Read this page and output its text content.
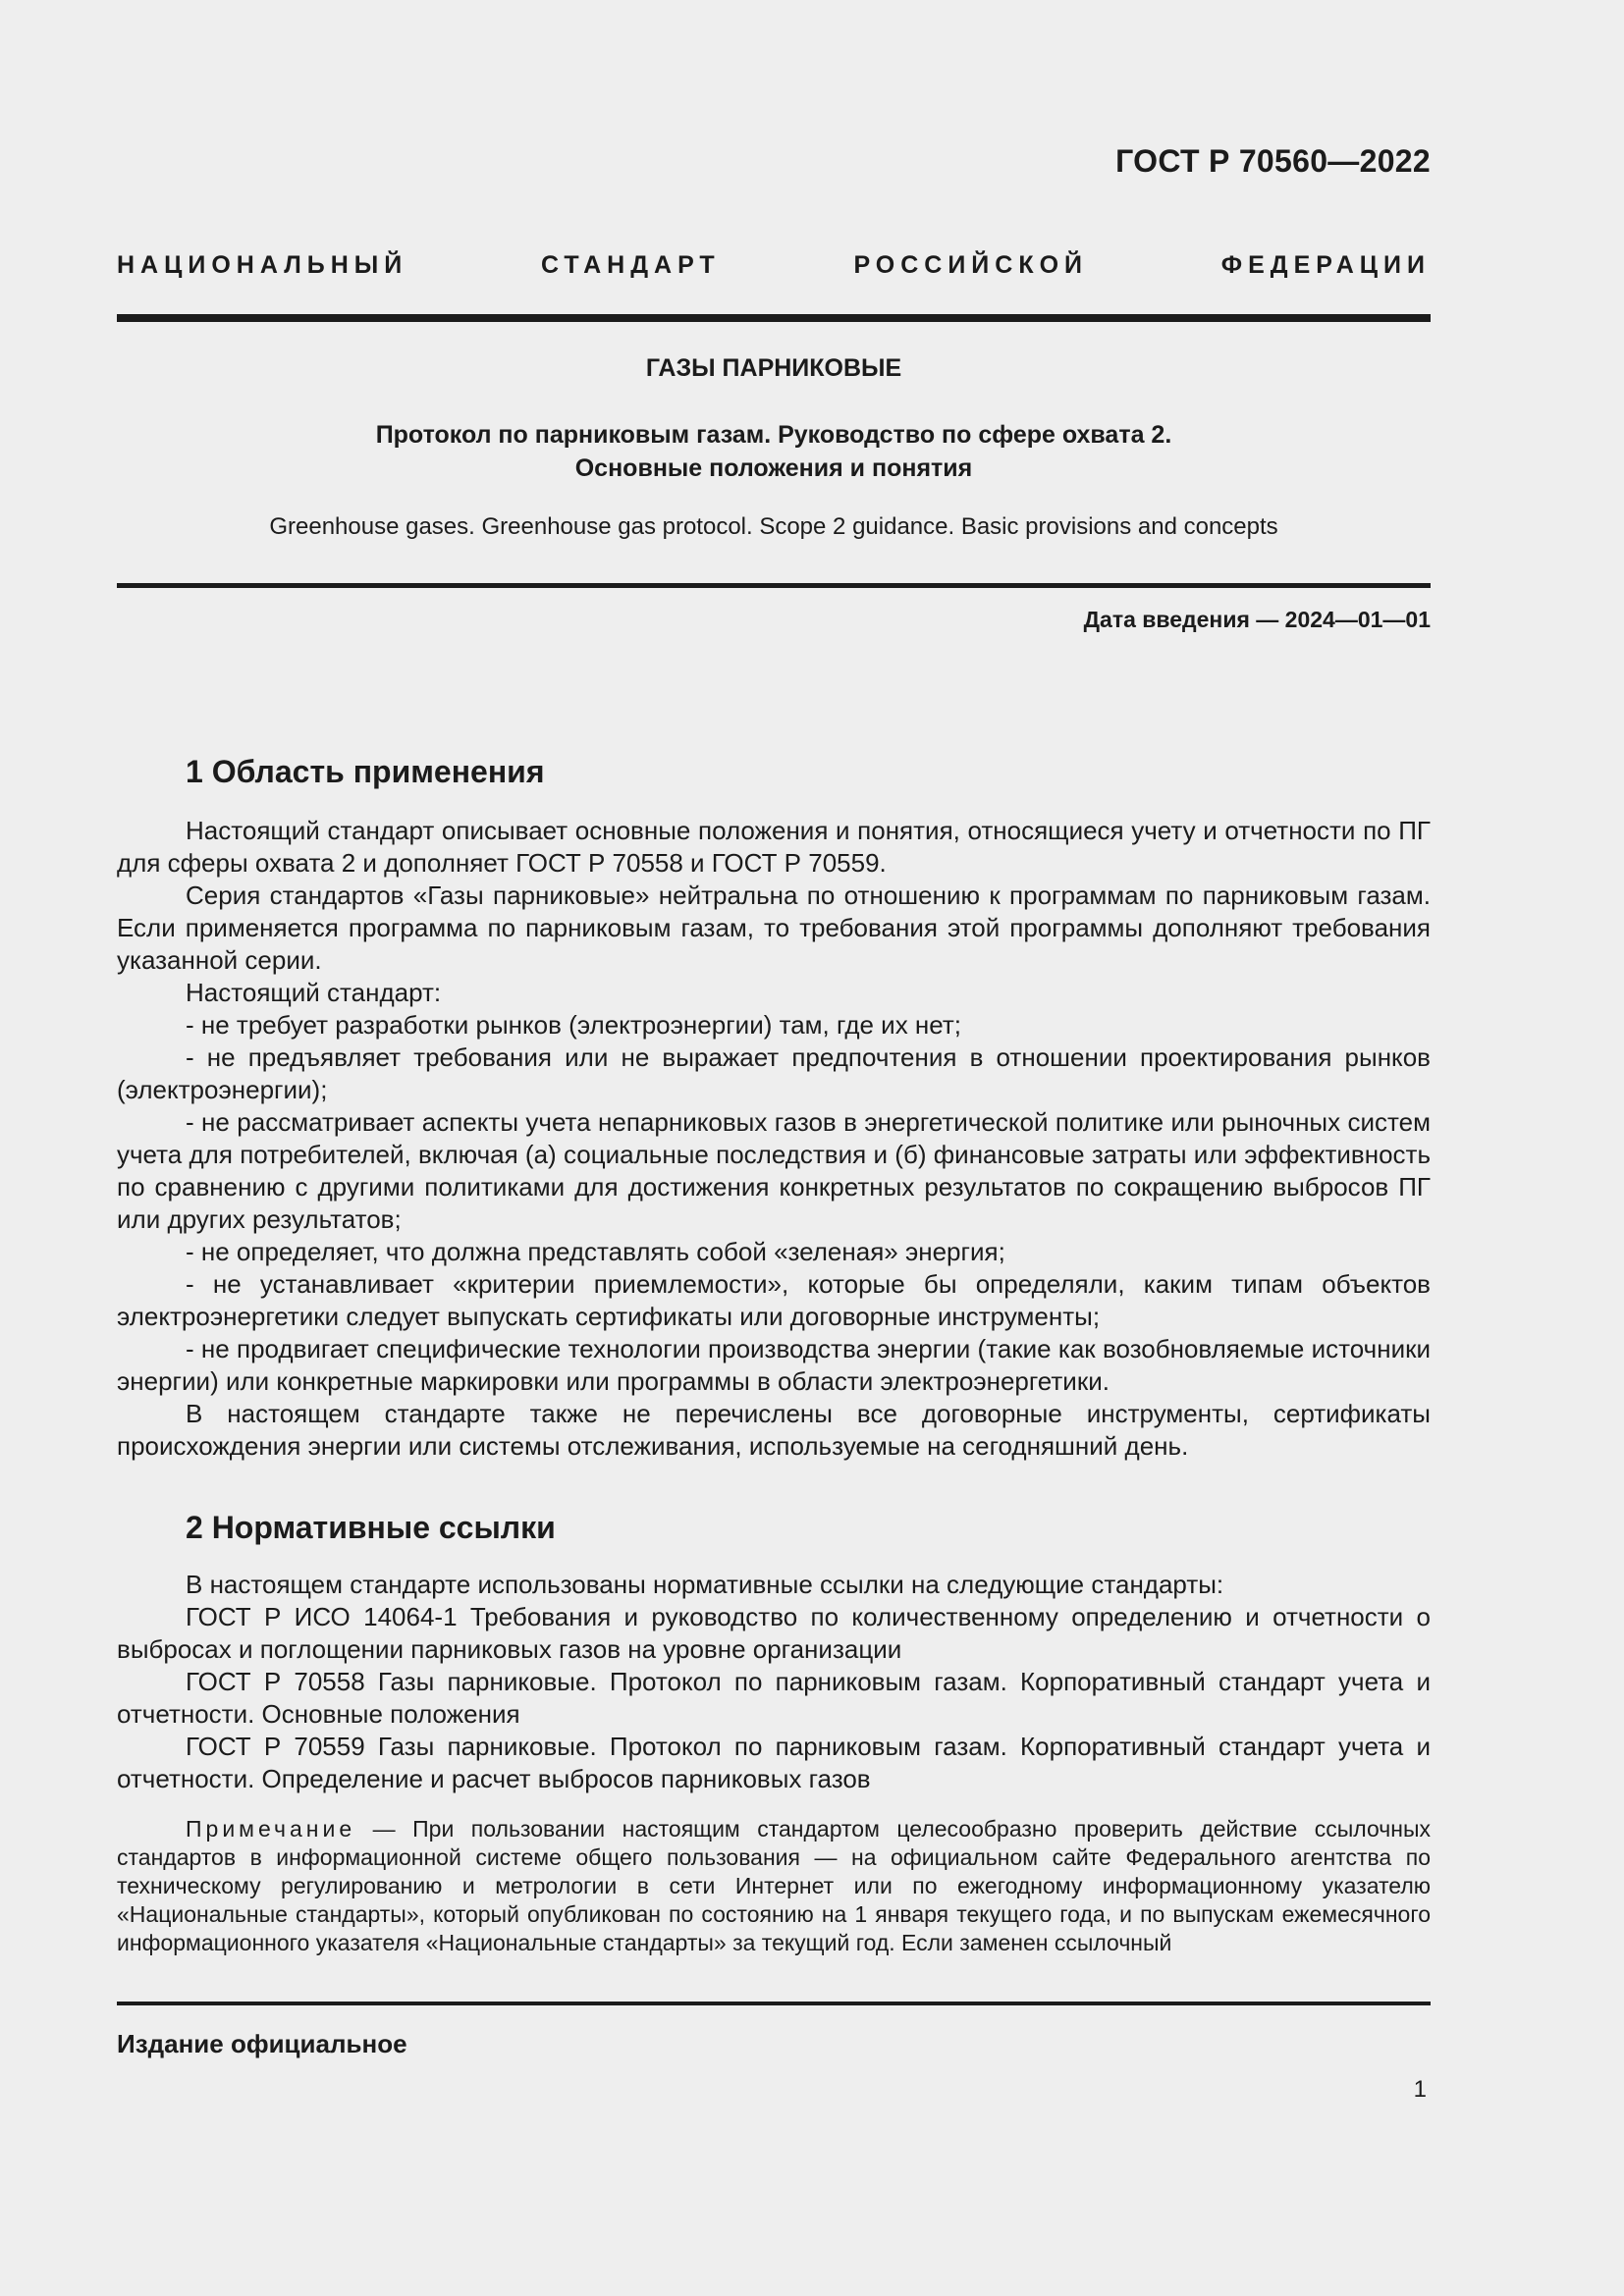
ГОСТ Р 70560—2022
НАЦИОНАЛЬНЫЙ СТАНДАРТ РОССИЙСКОЙ ФЕДЕРАЦИИ
ГАЗЫ ПАРНИКОВЫЕ
Протокол по парниковым газам. Руководство по сфере охвата 2.
Основные положения и понятия
Greenhouse gases. Greenhouse gas protocol. Scope 2 guidance. Basic provisions and concepts
Дата введения — 2024—01—01
1 Область применения

Настоящий стандарт описывает основные положения и понятия, относящиеся учету и отчетности по ПГ для сферы охвата 2 и дополняет ГОСТ Р 70558 и ГОСТ Р 70559.

Серия стандартов «Газы парниковые» нейтральна по отношению к программам по парниковым газам. Если применяется программа по парниковым газам, то требования этой программы дополняют требования указанной серии.

Настоящий стандарт:

- не требует разработки рынков (электроэнергии) там, где их нет;

- не предъявляет требования или не выражает предпочтения в отношении проектирования рынков (электроэнергии);

- не рассматривает аспекты учета непарниковых газов в энергетической политике или рыночных систем учета для потребителей, включая (а) социальные последствия и (б) финансовые затраты или эффективность по сравнению с другими политиками для достижения конкретных результатов по сокращению выбросов ПГ или других результатов;

- не определяет, что должна представлять собой «зеленая» энергия;

- не устанавливает «критерии приемлемости», которые бы определяли, каким типам объектов электроэнергетики следует выпускать сертификаты или договорные инструменты;

- не продвигает специфические технологии производства энергии (такие как возобновляемые источники энергии) или конкретные маркировки или программы в области электроэнергетики.

В настоящем стандарте также не перечислены все договорные инструменты, сертификаты происхождения энергии или системы отслеживания, используемые на сегодняшний день.

2 Нормативные ссылки

В настоящем стандарте использованы нормативные ссылки на следующие стандарты:

ГОСТ Р ИСО 14064-1 Требования и руководство по количественному определению и отчетности о выбросах и поглощении парниковых газов на уровне организации

ГОСТ Р 70558 Газы парниковые. Протокол по парниковым газам. Корпоративный стандарт учета и отчетности. Основные положения

ГОСТ Р 70559 Газы парниковые. Протокол по парниковым газам. Корпоративный стандарт учета и отчетности. Определение и расчет выбросов парниковых газов

Примечание — При пользовании настоящим стандартом целесообразно проверить действие ссылочных стандартов в информационной системе общего пользования — на официальном сайте Федерального агентства по техническому регулированию и метрологии в сети Интернет или по ежегодному информационному указателю «Национальные стандарты», который опубликован по состоянию на 1 января текущего года, и по выпускам ежемесячного информационного указателя «Национальные стандарты» за текущий год. Если заменен ссылочный

Издание официальное
1
